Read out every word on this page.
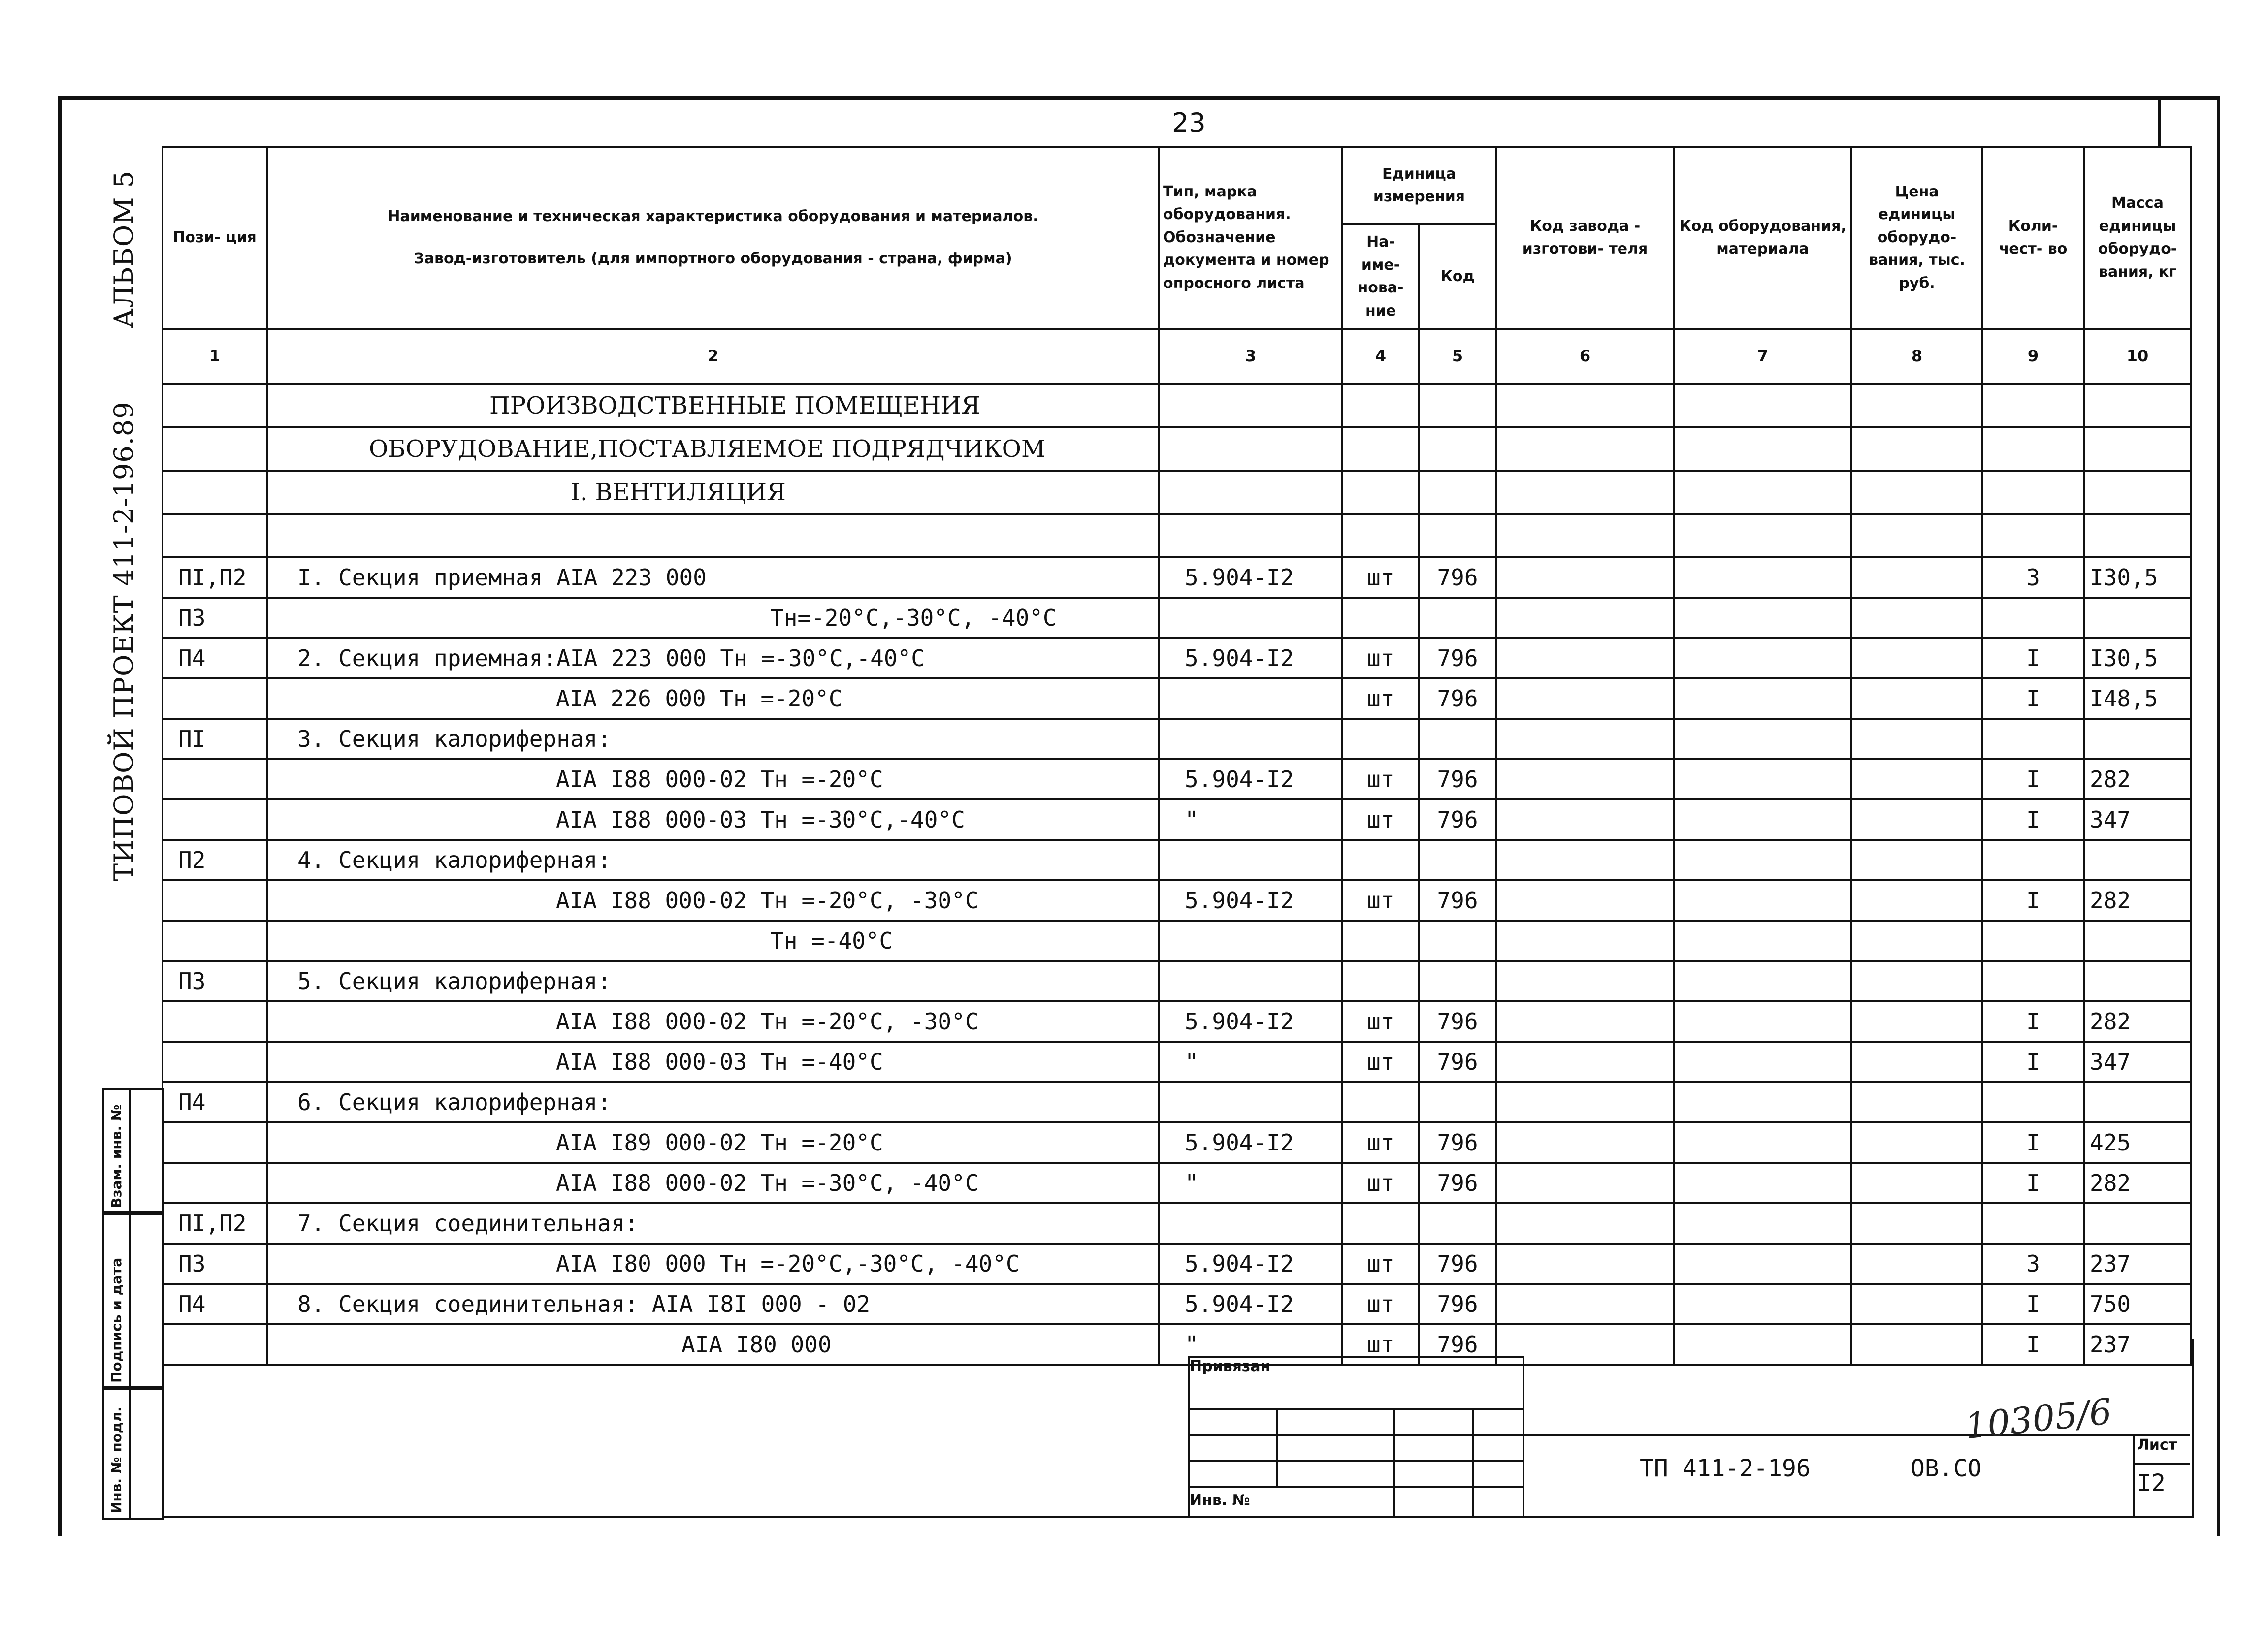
23
ТИПОВОЙ ПРОЕКТ 411-2-196.89 АЛЬБОМ 5 Пози- ция	Наименование и техническая характеристика оборудования и материалов.
Завод-изготовитель (для импортного оборудования - страна, фирма)	Тип, марка оборудования. Обозначение документа и номер опросного листа	Единица измерения		Код завода - изготови- теля	Код оборудования, материала	Цена единицы оборудо- вания, тыс. руб.	Коли- чест- во	Масса единицы оборудо- вания, кг
			На- име- нова- ние	Код					
1	2	3	4	5	6	7	8	9	10
	ПРОИЗВОДСТВЕННЫЕ ПОМЕЩЕНИЯ								
	ОБОРУДОВАНИЕ,ПОСТАВЛЯЕМОЕ ПОДРЯДЧИКОМ								
	I. ВЕНТИЛЯЦИЯ								

ПI,П2	I. Секция приемная AIA 223 000	5.904-I2	шт	796				3	I30,5
П3	Тн=-20°С,-30°С, -40°С								
П4	2. Секция приемная:AIA 223 000 Тн =-30°С,-40°С	5.904-I2	шт	796				I	I30,5
	AIA 226 000 Тн =-20°С		шт	796				I	I48,5
ПI	3. Секция калориферная:								
	AIA I88 000-02 Тн =-20°С	5.904-I2	шт	796				I	282
	AIA I88 000-03 Тн =-30°С,-40°С	"	шт	796				I	347
П2	4. Секция калориферная:								
	AIA I88 000-02 Тн =-20°С, -30°С	5.904-I2	шт	796				I	282
	Тн =-40°С								
П3	5. Секция калориферная:								
	AIA I88 000-02 Тн =-20°С, -30°С	5.904-I2	шт	796				I	282
	AIA I88 000-03 Тн =-40°С	"	шт	796				I	347
П4	6. Секция калориферная:								
	AIA I89 000-02 Тн =-20°С	5.904-I2	шт	796				I	425
	AIA I88 000-02 Тн =-30°С, -40°С	"	шт	796				I	282
ПI,П2	7. Секция соединительная:								
П3	AIA I80 000 Тн =-20°С,-30°С, -40°С	5.904-I2	шт	796				3	237
П4	8. Секция соединительная: AIA I8I 000 - 02	5.904-I2	шт	796				I	750
	AIA I80 000	"	шт	796				I	237
Привязан
Инв. №
ТП 411-2-196	ОВ.СО
Лист
I2
10305/6
Взам. инв. №
Подпись и дата
Инв. № подл.
